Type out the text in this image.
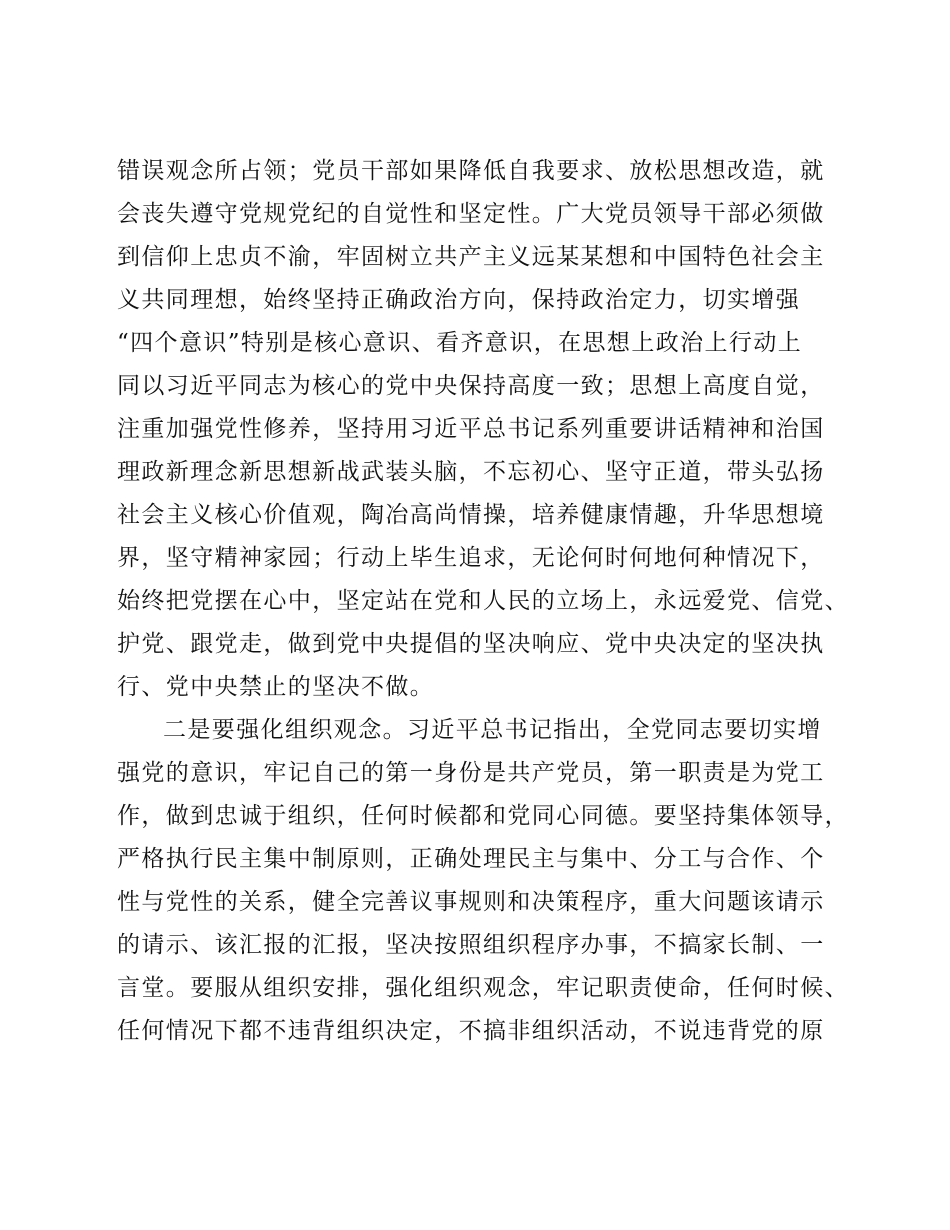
错误观念所占领；党员干部如果降低自我要求、放松思想改造，就
会丧失遵守党规党纪的自觉性和坚定性。广大党员领导干部必须做
到信仰上忠贞不渝，牢固树立共产主义远某某想和中国特色社会主
义共同理想，始终坚持正确政治方向，保持政治定力，切实增强
“四个意识”特别是核心意识、看齐意识，在思想上政治上行动上
同以习近平同志为核心的党中央保持高度一致；思想上高度自觉，
注重加强党性修养，坚持用习近平总书记系列重要讲话精神和治国
理政新理念新思想新战武装头脑，不忘初心、坚守正道，带头弘扬
社会主义核心价值观，陶冶高尚情操，培养健康情趣，升华思想境
界，坚守精神家园；行动上毕生追求，无论何时何地何种情况下，
始终把党摆在心中，坚定站在党和人民的立场上，永远爱党、信党、
护党、跟党走，做到党中央提倡的坚决响应、党中央决定的坚决执
行、党中央禁止的坚决不做。
二是要强化组织观念。习近平总书记指出，全党同志要切实增
强党的意识，牢记自己的第一身份是共产党员，第一职责是为党工
作，做到忠诚于组织，任何时候都和党同心同德。要坚持集体领导，
严格执行民主集中制原则，正确处理民主与集中、分工与合作、个
性与党性的关系，健全完善议事规则和决策程序，重大问题该请示
的请示、该汇报的汇报，坚决按照组织程序办事，不搞家长制、一
言堂。要服从组织安排，强化组织观念，牢记职责使命，任何时候、
任何情况下都不违背组织决定，不搞非组织活动，不说违背党的原
